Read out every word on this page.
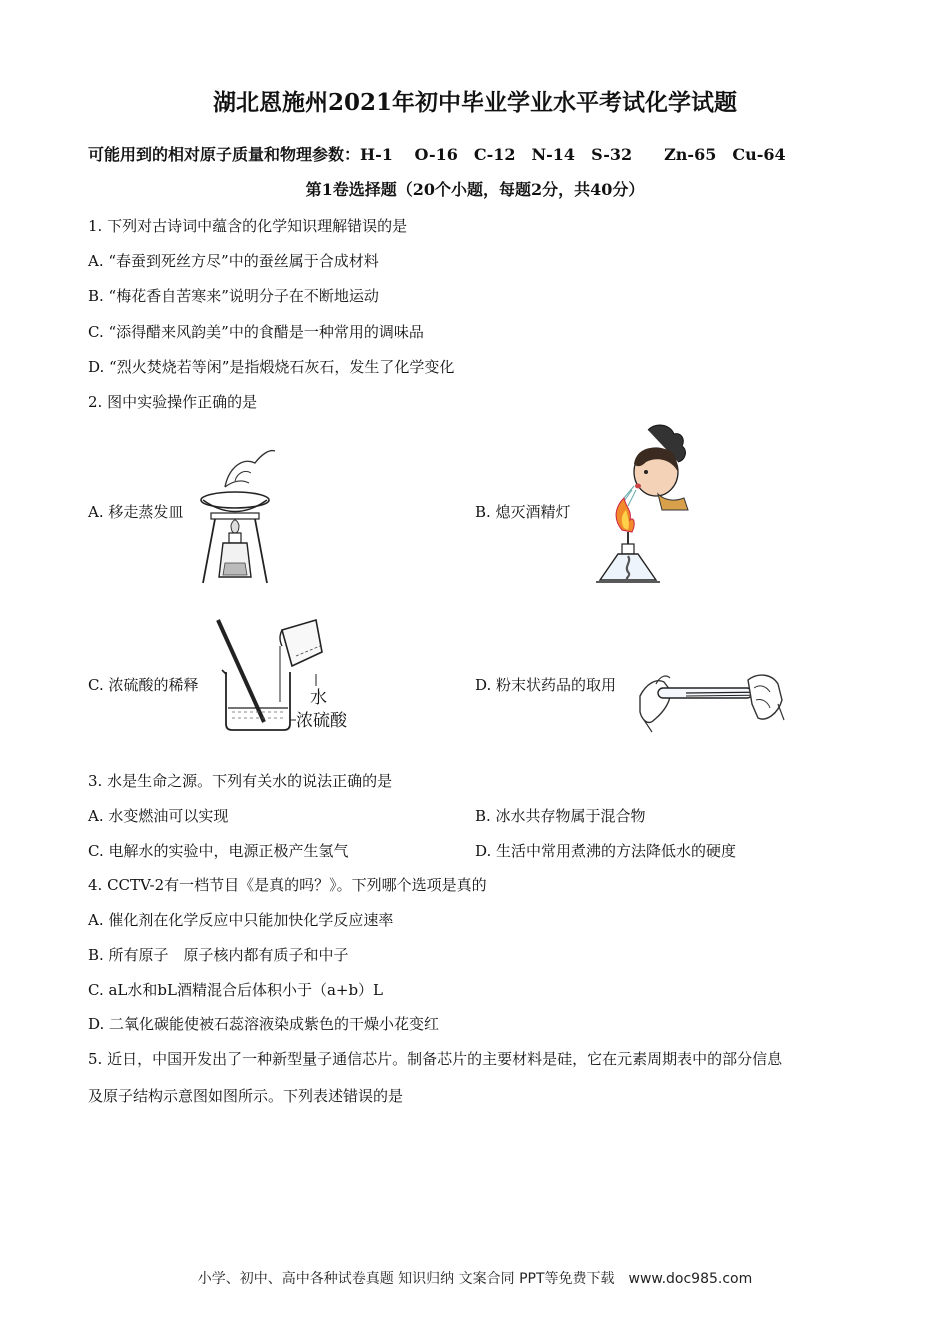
湖北恩施州2021年初中毕业学业水平考试化学试题
可能用到的相对原子质量和物理参数：H-1　 O-16　C-12　N-14　S-32　　Zn-65　Cu-64
第1卷选择题（20个小题，每题2分，共40分）
1. 下列对古诗词中蕴含的化学知识理解错误的是
A. “春蚕到死丝方尽”中的蚕丝属于合成材料
B. “梅花香自苦寒来”说明分子在不断地运动
C. “添得醋来风韵美”中的食醋是一种常用的调味品
D. “烈火焚烧若等闲”是指煅烧石灰石，发生了化学变化
2. 图中实验操作正确的是
A. 移走蒸发皿	B. 熄灭酒精灯
C. 浓硫酸的稀释	D. 粉末状药品的取用
水
浓硫酸
3. 水是生命之源。下列有关水的说法正确的是
A. 水变燃油可以实现	B. 冰水共存物属于混合物
C. 电解水的实验中，电源正极产生氢气	D. 生活中常用煮沸的方法降低水的硬度
4. CCTV-2有一档节目《是真的吗？》。下列哪个选项是真的
A. 催化剂在化学反应中只能加快化学反应速率
B. 所有原子　原子核内都有质子和中子
C. aL水和bL酒精混合后体积小于（a+b）L
D. 二氧化碳能使被石蕊溶液染成紫色的干燥小花变红
5. 近日，中国开发出了一种新型量子通信芯片。制备芯片的主要材料是硅，它在元素周期表中的部分信息
及原子结构示意图如图所示。下列表述错误的是
小学、初中、高中各种试卷真题 知识归纳 文案合同 PPT等免费下载　www.doc985.com
